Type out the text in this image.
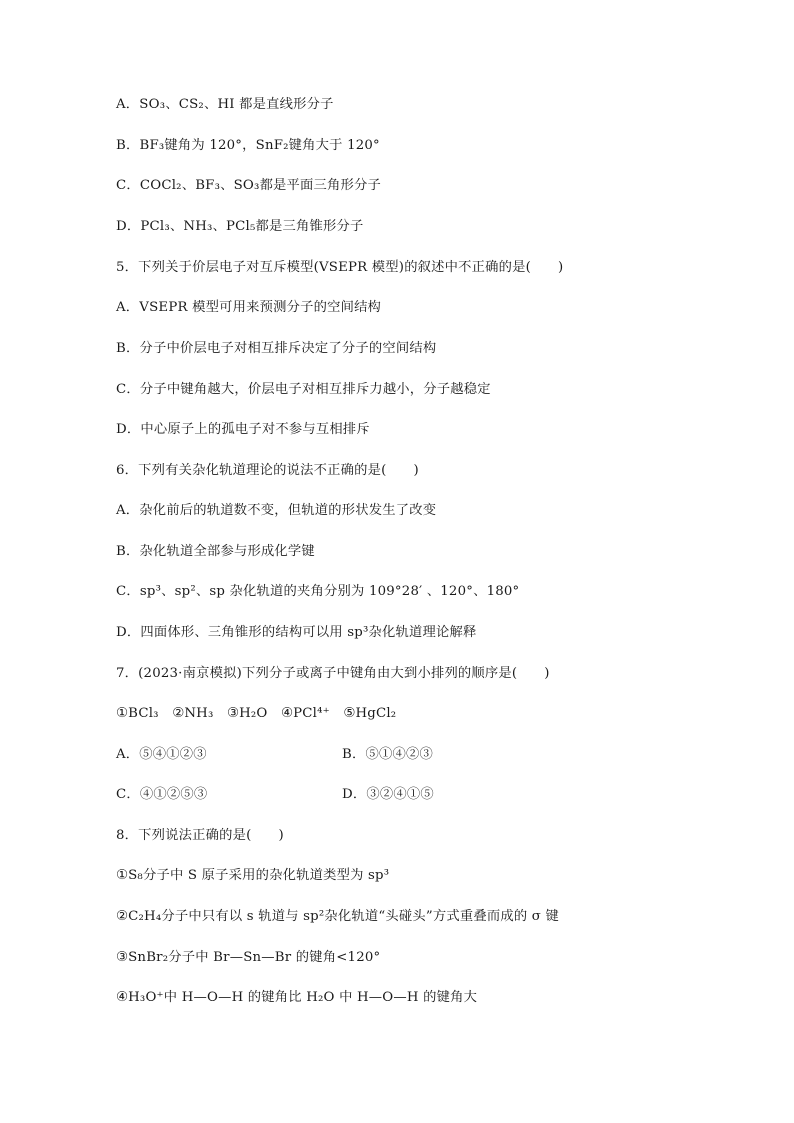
A．SO₃、CS₂、HI 都是直线形分子
B．BF₃键角为 120°，SnF₂键角大于 120°
C．COCl₂、BF₃、SO₃都是平面三角形分子
D．PCl₃、NH₃、PCl₅都是三角锥形分子
5．下列关于价层电子对互斥模型(VSEPR 模型)的叙述中不正确的是(　　)
A．VSEPR 模型可用来预测分子的空间结构
B．分子中价层电子对相互排斥决定了分子的空间结构
C．分子中键角越大，价层电子对相互排斥力越小，分子越稳定
D．中心原子上的孤电子对不参与互相排斥
6．下列有关杂化轨道理论的说法不正确的是(　　)
A．杂化前后的轨道数不变，但轨道的形状发生了改变
B．杂化轨道全部参与形成化学键
C．sp³、sp²、sp 杂化轨道的夹角分别为 109°28′ 、120°、180°
D．四面体形、三角锥形的结构可以用 sp³杂化轨道理论解释
7．(2023·南京模拟)下列分子或离子中键角由大到小排列的顺序是(　　)
①BCl₃　②NH₃　③H₂O　④PCl⁴⁺　⑤HgCl₂
A．⑤④①②③	B．⑤①④②③
C．④①②⑤③	D．③②④①⑤
8．下列说法正确的是(　　)
①S₈分子中 S 原子采用的杂化轨道类型为 sp³
②C₂H₄分子中只有以 s 轨道与 sp²杂化轨道“头碰头”方式重叠而成的 σ 键
③SnBr₂分子中 Br—Sn—Br 的键角<120°
④H₃O⁺中 H—O—H 的键角比 H₂O 中 H—O—H 的键角大
